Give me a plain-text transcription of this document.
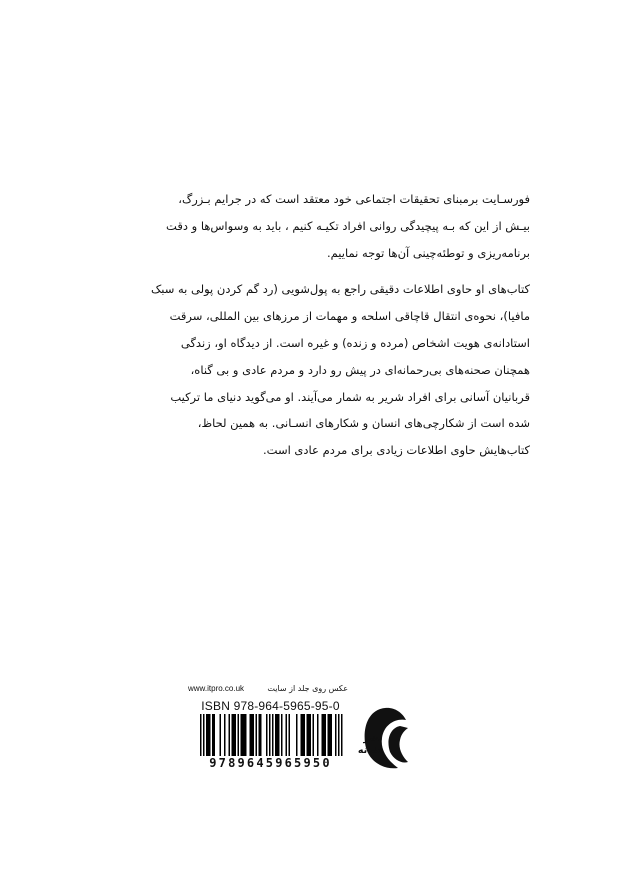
فورسـایت برمبنای تحقیقات اجتماعی خود معتقد است که در جرایم بـزرگ، بیـش از این که بـه پیچیدگی روانی افراد تکیـه کنیم ، باید به وسواس‌ها و دقت برنامه‌ریزی و توطئه‌چینی آن‌ها توجه نماییم.

کتاب‌های او حاوی اطلاعات دقیقی راجع به پول‌شویی (رد گم کردن پولی به سبک مافیا)، نحوه‌ی انتقال قاچاقی اسلحه و مهمات از مرزهای بین المللی، سرقت استادانه‌ی هویت اشخاص (مرده و زنده) و غیره است. از دیدگاه او، زندگی همچنان صحنه‌های بی‌رحمانه‌ای در پیش رو دارد و مردم عادی و بی گناه، قربانیان آسانی برای افراد شریر به شمار می‌آیند. او می‌گوید دنیای ما ترکیب شده است از شکارچی‌های انسان و شکارهای انسـانی. به همین لحاظ، کتاب‌هایش حاوی اطلاعات زیادی برای مردم عادی است.

عکس روی جلد از سایت
www.itpro.co.uk
ISBN 978-964-5965-95-0
9789645965950
نشر
نشانه
